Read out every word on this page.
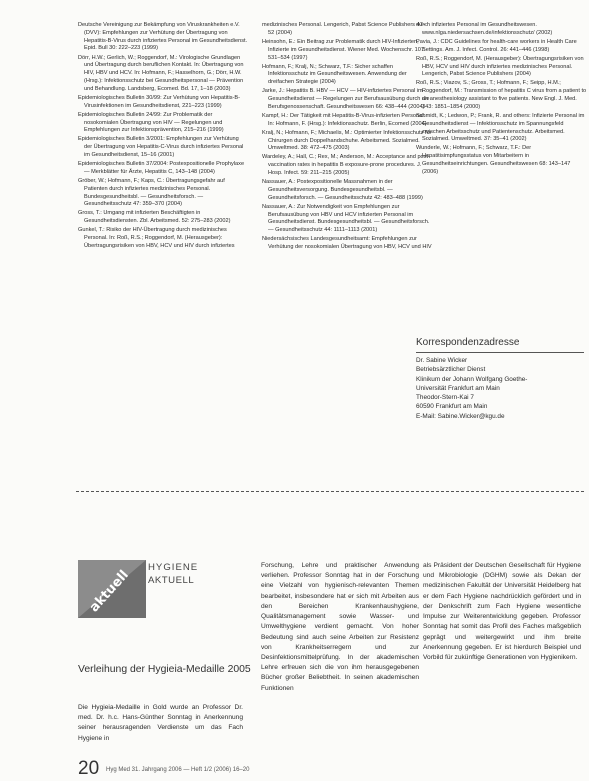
Deutsche Vereinigung zur Bekämpfung von Viruskrankheiten e.V. (DVV): Empfehlungen zur Verhütung der Übertragung von Hepatitis-B-Virus durch infiziertes Personal im Gesundheitsdienst. Epid. Bull 30: 222–223 (1999)

Dörr, H.W.; Gerlich, W.; Roggendorf, M.: Virologische Grundlagen und Übertragung durch beruflichen Kontakt. In: Übertragung von HIV, HBV und HCV. In: Hofmann, F.; Hasselhorn, G.; Dörr, H.W. (Hrsg.): Infektionsschutz bei Gesundheitspersonal — Prävention und Behandlung. Landsberg, Ecomed. Bd. 17, 1–18 (2003)

Epidemiologisches Bulletin 30/99: Zur Verhütung von Hepatitis-B-Virusinfektionen im Gesundheitsdienst, 221–223 (1999)

Epidemiologisches Bulletin 24/99: Zur Problematik der nosokomialen Übertragung von HIV — Regelungen und Empfehlungen zur Infektionsprävention, 215–216 (1999)

Epidemiologisches Bulletin 3/2001: Empfehlungen zur Verhütung der Übertragung von Hepatitis-C-Virus durch infiziertes Personal im Gesundheitsdienst, 15–16 (2001)

Epidemiologisches Bulletin 37/2004: Postexpositionelle Prophylaxe — Merkblätter für Ärzte, Hepatitis C, 143–148 (2004)

Gröber, W.; Hofmann, F.; Kaps, C.: Übertragungsgefahr auf Patienten durch infiziertes medizinisches Personal. Bundesgesundheitsbl. — Gesundheitsforsch. — Gesundheitsschutz 47: 359–370 (2004)

Gross, T.: Umgang mit infizierten Beschäftigten in Gesundheitsdiensten. Zbl. Arbeitsmed. 52: 275–283 (2002)

Gunkel, T.: Risiko der HIV-Übertragung durch medizinisches Personal. In: Roß, R.S.; Roggendorf, M. (Herausgeber): Übertragungsrisiken von HBV, HCV und HIV durch infiziertes

medizinisches Personal. Lengerich, Pabst Science Publishers 47–52 (2004)

Heinsohn, E.: Ein Beitrag zur Problematik durch HIV-Infizierten, Infizierte im Gesundheitsdienst. Wiener Med. Wochenschr. 107: 531–534 (1997)

Hofmann, F.; Kralj, N.; Schwarz, T.F.: Sicher schaffen Infektionsschutz im Gesundheitswesen. Anwendung der dreifachen Strategie (2004)

Jarke, J.: Hepatitis B. HBV — HCV — HIV-infiziertes Personal im Gesundheitsdienst — Regelungen zur Berufsausübung durch die Berufsgenossenschaft. Gesundheitswesen 66: 438–444 (2004)

Kampf, H.: Der Tätigkeit mit Hepatitis-B-Virus-infizierten Personal. In: Hofmann, F. (Hrsg.): Infektionsschutz. Berlin, Ecomed (2004)

Kralj, N.; Hofmann, F.; Michaelis, M.: Optimierter Infektionsschutz für Chirurgen durch Doppelhandschuhe. Arbeitsmed. Sozialmed. Umweltmed. 38: 472–475 (2003)

Wardeley, A.; Hall, C.; Rex, M.; Anderson, M.: Acceptance and post-vaccination rates in hepatitis B exposure-prone procedures. J. Hosp. Infect. 59: 211–215 (2005)

Nassauer, A.: Postexpositionelle Massnahmen in der Gesundheitsversorgung. Bundesgesundheitsbl. — Gesundheitsforsch. — Gesundheitsschutz 42: 483–488 (1999)

Nassauer, A.: Zur Notwendigkeit von Empfehlungen zur Berufsausübung von HBV und HCV infizierten Personal im Gesundheitsdienst. Bundesgesundheitsbl. — Gesundheitsforsch. — Gesundheitsschutz 44: 1111–1113 (2001)

Niedersächsisches Landesgesundheitsamt: Empfehlungen zur Verhütung der nosokomialen Übertragung von HBV, HCV und HIV

durch infiziertes Personal im Gesundheitswesen. www.nlga.niedersachsen.de/infektionsschutz/ (2002)

Pavia, J.: CDC Guidelines for health-care workers in Health Care Settings. Am. J. Infect. Control. 26: 441–446 (1998)

Roß, R.S.; Roggendorf, M. (Herausgeber): Übertragungsrisiken von HBV, HCV und HIV durch infiziertes medizinisches Personal. Lengerich, Pabst Science Publishers (2004)

Roß, R.S.; Viazov, S.; Gross, T.; Hofmann, F.; Seipp, H.M.; Roggendorf, M.: Transmission of hepatitis C virus from a patient to an anesthesiology assistant to five patients. New Engl. J. Med. 343: 1851–1854 (2000)

Schmidt, K.; Ledwon, P.; Frank, R. and others: Infizierte Personal im Gesundheitsdienst — Infektionsschutz im Spannungsfeld zwischen Arbeitsschutz und Patientenschutz. Arbeitsmed. Sozialmed. Umweltmed. 37: 35–41 (2002)

Wunderle, W.; Hofmann, F.; Schwarz, T.F.: Der Hepatitisimpfungsstatus von Mitarbeitern in Gesundheitseinrichtungen. Gesundheitswesen 68: 143–147 (2006)

Korrespondenzadresse
Dr. Sabine Wicker
Betriebsärztlicher Dienst
Klinikum der Johann Wolfgang Goethe-
Universität Frankfurt am Main
Theodor-Stern-Kai 7
60590 Frankfurt am Main
E-Mail: Sabine.Wicker@kgu.de
aktuell
HYGIENE
AKTUELL
Verleihung der Hygieia-Medaille 2005
Die Hygieia-Medaille in Gold wurde an Professor Dr. med. Dr. h.c. Hans-Günther Sonntag in Anerkennung seiner herausragenden Verdienste um das Fach Hygiene in
Forschung, Lehre und praktischer Anwendung verliehen. Professor Sonntag hat in der Forschung eine Vielzahl von hygienisch-relevanten Themen bearbeitet, insbesondere hat er sich mit Arbeiten aus den Bereichen Krankenhaushygiene, Qualitätsmanagement sowie Wasser- und Umwelthygiene verdient gemacht. Von hoher Bedeutung sind auch seine Arbeiten zur Resistenz von Krankheitserregern und zur Desinfektionsmittelprüfung. In der akademischen Lehre erfreuen sich die von ihm herausgegebenen Bücher großer Beliebtheit. In seinen akademischen Funktionen
als Präsident der Deutschen Gesellschaft für Hygiene und Mikrobiologie (DGHM) sowie als Dekan der medizinischen Fakultät der Universität Heidelberg hat er dem Fach Hygiene nachdrücklich gefördert und in der Denkschrift zum Fach Hygiene wesentliche Impulse zur Weiterentwicklung gegeben. Professor Sonntag hat somit das Profil des Faches maßgeblich geprägt und weitergewirkt und ihm breite Anerkennung gegeben. Er ist hierdurch Beispiel und Vorbild für zukünftige Generationen von Hygienikern.
20 Hyg Med 31. Jahrgang 2006 — Heft 1/2 (2006) 16–20
